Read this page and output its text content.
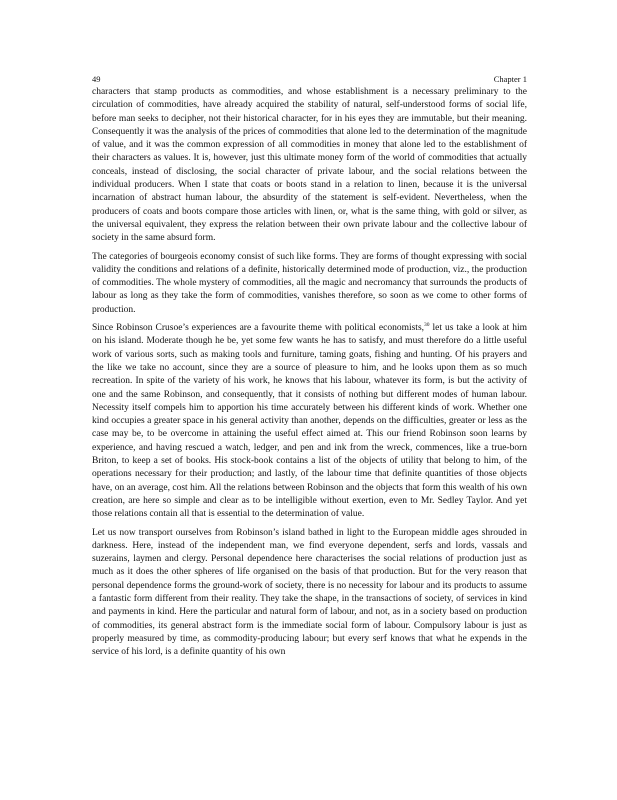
49	Chapter 1

characters that stamp products as commodities, and whose establishment is a necessary preliminary to the circulation of commodities, have already acquired the stability of natural, self-understood forms of social life, before man seeks to decipher, not their historical character, for in his eyes they are immutable, but their meaning. Consequently it was the analysis of the prices of commodities that alone led to the determination of the magnitude of value, and it was the common expression of all commodities in money that alone led to the establishment of their characters as values. It is, however, just this ultimate money form of the world of commodities that actually conceals, instead of disclosing, the social character of private labour, and the social relations between the individual producers. When I state that coats or boots stand in a relation to linen, because it is the universal incarnation of abstract human labour, the absurdity of the statement is self-evident. Nevertheless, when the producers of coats and boots compare those articles with linen, or, what is the same thing, with gold or silver, as the universal equivalent, they express the relation between their own private labour and the collective labour of society in the same absurd form.

The categories of bourgeois economy consist of such like forms. They are forms of thought expressing with social validity the conditions and relations of a definite, historically determined mode of production, viz., the production of commodities. The whole mystery of commodities, all the magic and necromancy that surrounds the products of labour as long as they take the form of commodities, vanishes therefore, so soon as we come to other forms of production.

Since Robinson Crusoe’s experiences are a favourite theme with political economists,$^{30}$ let us take a look at him on his island. Moderate though he be, yet some few wants he has to satisfy, and must therefore do a little useful work of various sorts, such as making tools and furniture, taming goats, fishing and hunting. Of his prayers and the like we take no account, since they are a source of pleasure to him, and he looks upon them as so much recreation. In spite of the variety of his work, he knows that his labour, whatever its form, is but the activity of one and the same Robinson, and consequently, that it consists of nothing but different modes of human labour. Necessity itself compels him to apportion his time accurately between his different kinds of work. Whether one kind occupies a greater space in his general activity than another, depends on the difficulties, greater or less as the case may be, to be overcome in attaining the useful effect aimed at. This our friend Robinson soon learns by experience, and having rescued a watch, ledger, and pen and ink from the wreck, commences, like a true-born Briton, to keep a set of books. His stock-book contains a list of the objects of utility that belong to him, of the operations necessary for their production; and lastly, of the labour time that definite quantities of those objects have, on an average, cost him. All the relations between Robinson and the objects that form this wealth of his own creation, are here so simple and clear as to be intelligible without exertion, even to Mr. Sedley Taylor. And yet those relations contain all that is essential to the determination of value.

Let us now transport ourselves from Robinson’s island bathed in light to the European middle ages shrouded in darkness. Here, instead of the independent man, we find everyone dependent, serfs and lords, vassals and suzerains, laymen and clergy. Personal dependence here characterises the social relations of production just as much as it does the other spheres of life organised on the basis of that production. But for the very reason that personal dependence forms the ground-work of society, there is no necessity for labour and its products to assume a fantastic form different from their reality. They take the shape, in the transactions of society, of services in kind and payments in kind. Here the particular and natural form of labour, and not, as in a society based on production of commodities, its general abstract form is the immediate social form of labour. Compulsory labour is just as properly measured by time, as commodity-producing labour; but every serf knows that what he expends in the service of his lord, is a definite quantity of his own
